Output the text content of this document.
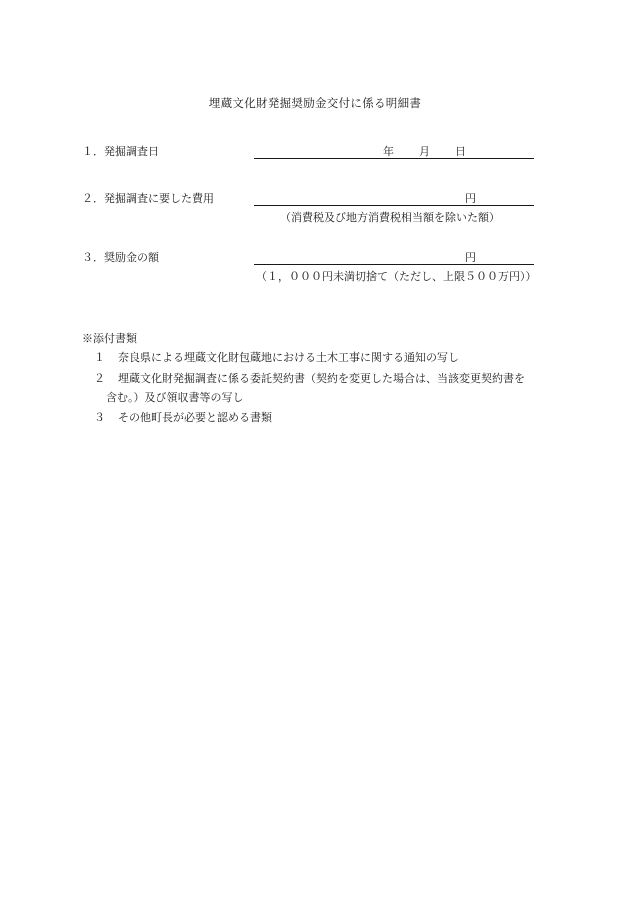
埋蔵文化財発掘奨励金交付に係る明細書
１．発掘調査日	年 月 日
２．発掘調査に要した費用	円
（消費税及び地方消費税相当額を除いた額）
３．奨励金の額	円
（１，０００円未満切捨て（ただし、上限５００万円））
※添付書類
１ 奈良県による埋蔵文化財包蔵地における土木工事に関する通知の写し
２ 埋蔵文化財発掘調査に係る委託契約書（契約を変更した場合は、当該変更契約書を
含む。）及び領収書等の写し
３ その他町長が必要と認める書類
